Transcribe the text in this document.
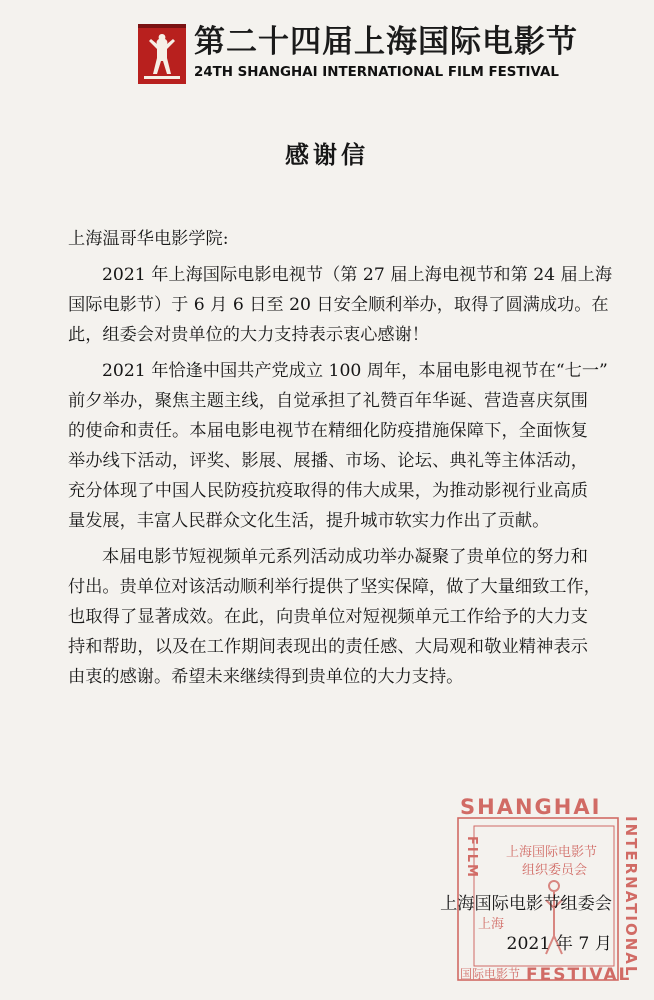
第二十四届上海国际电影节
24TH SHANGHAI INTERNATIONAL FILM FESTIVAL
感谢信
上海温哥华电影学院:
2021 年上海国际电影电视节（第 27 届上海电视节和第 24 届上海
国际电影节）于 6 月 6 日至 20 日安全顺利举办，取得了圆满成功。在
此，组委会对贵单位的大力支持表示衷心感谢！
2021 年恰逢中国共产党成立 100 周年，本届电影电视节在“七一”
前夕举办，聚焦主题主线，自觉承担了礼赞百年华诞、营造喜庆氛围
的使命和责任。本届电影电视节在精细化防疫措施保障下，全面恢复
举办线下活动，评奖、影展、展播、市场、论坛、典礼等主体活动，
充分体现了中国人民防疫抗疫取得的伟大成果，为推动影视行业高质
量发展，丰富人民群众文化生活，提升城市软实力作出了贡献。
本届电影节短视频单元系列活动成功举办凝聚了贵单位的努力和
付出。贵单位对该活动顺利举行提供了坚实保障，做了大量细致工作，
也取得了显著成效。在此，向贵单位对短视频单元工作给予的大力支
持和帮助，以及在工作期间表现出的责任感、大局观和敬业精神表示
由衷的感谢。希望未来继续得到贵单位的大力支持。
SHANGHAI
INTERNATIONAL
FESTIVAL
FILM 上海国际电影节
组织委员会
上海
国际电影节
上海国际电影节组委会
2021 年 7 月
